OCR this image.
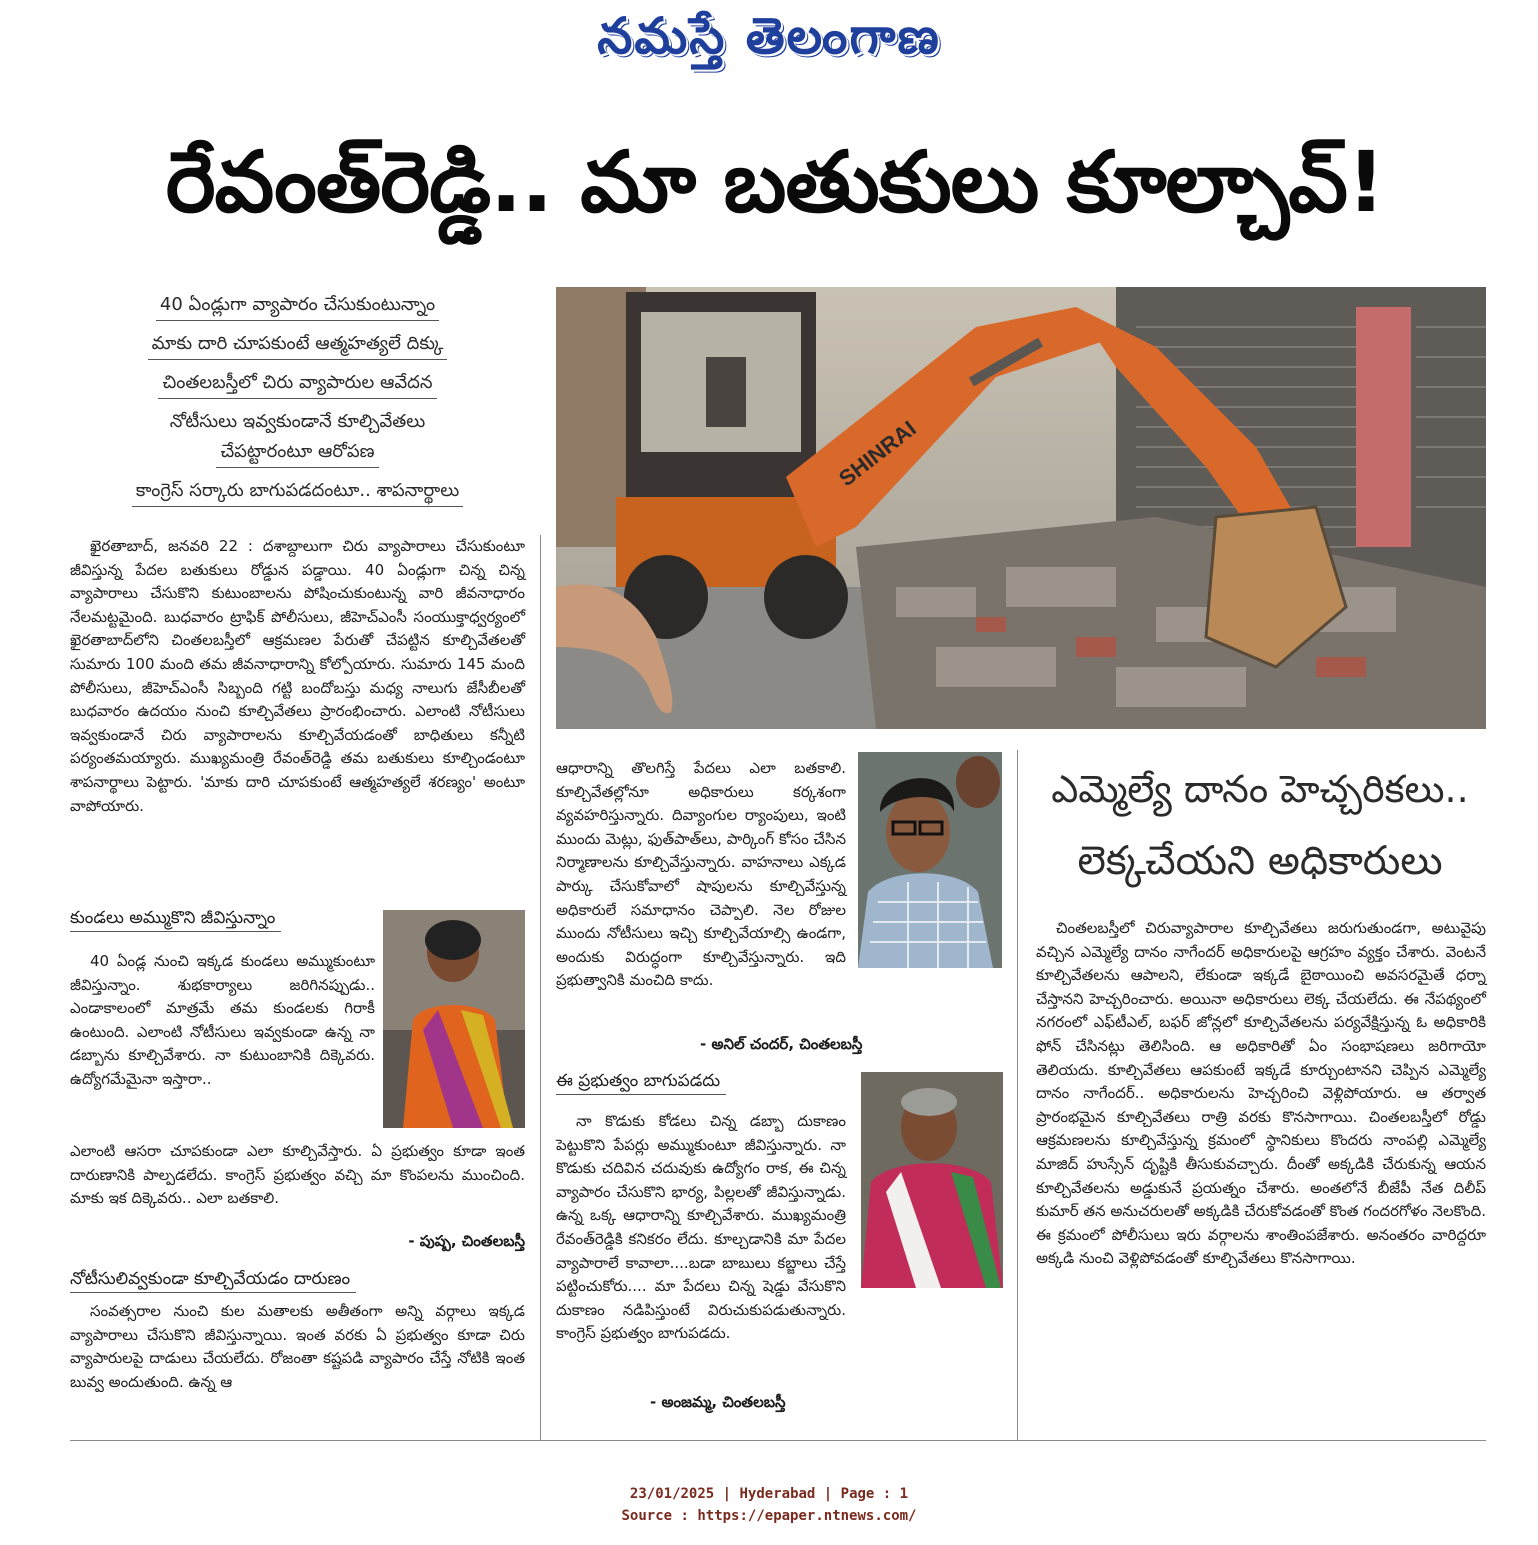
నమస్తే తెలంగాణ
రేవంత్‌రెడ్డి.. మా బతుకులు కూల్చావ్‌!
40 ఏండ్లుగా వ్యాపారం చేసుకుంటున్నాం
మాకు దారి చూపకుంటే ఆత్మహత్యలే దిక్కు
చింతలబస్తీలో చిరు వ్యాపారుల ఆవేదన
నోటీసులు ఇవ్వకుండానే కూల్చివేతలు
చేపట్టారంటూ ఆరోపణ
కాంగ్రెస్‌ సర్కారు బాగుపడదంటూ.. శాపనార్థాలు
ఖైరతాబాద్‌, జనవరి 22 : దశాబ్దాలుగా చిరు వ్యాపారాలు చేసుకుంటూ జీవిస్తున్న పేదల బతుకులు రోడ్డున పడ్డాయి. 40 ఏండ్లుగా చిన్న చిన్న వ్యాపారాలు చేసుకొని కుటుంబాలను పోషించుకుంటున్న వారి జీవనాధారం నేలమట్టమైంది. బుధవారం ట్రాఫిక్‌ పోలీసులు, జీహెచ్‌ఎంసీ సంయుక్తాధ్వర్యంలో ఖైరతాబాద్‌లోని చింతలబస్తీలో ఆక్రమణల పేరుతో చేపట్టిన కూల్చివేతలతో సుమారు 100 మంది తమ జీవనాధారాన్ని కోల్పోయారు. సుమారు 145 మంది పోలీసులు, జీహెచ్‌ఎంసీ సిబ్బంది గట్టి బందోబస్తు మధ్య నాలుగు జేసీబీలతో బుధవారం ఉదయం నుంచి కూల్చివేతలు ప్రారంభించారు. ఎలాంటి నోటీసులు ఇవ్వకుండానే చిరు వ్యాపారాలను కూల్చివేయడంతో బాధితులు కన్నీటి పర్యంతమయ్యారు. ముఖ్యమంత్రి రేవంత్‌రెడ్డి తమ బతుకులు కూల్చిండంటూ శాపనార్థాలు పెట్టారు. 'మాకు దారి చూపకుంటే ఆత్మహత్యలే శరణ్యం' అంటూ వాపోయారు.
SHINRAI
కుండలు అమ్ముకొని జీవిస్తున్నాం
40 ఏండ్ల నుంచి ఇక్కడ కుండలు అమ్ముకుంటూ జీవిస్తున్నాం. శుభకార్యాలు జరిగినప్పుడు.. ఎండాకాలంలో మాత్రమే తమ కుండలకు గిరాకీ ఉంటుంది. ఎలాంటి నోటీసులు ఇవ్వకుండా ఉన్న నా డబ్బాను కూల్చివేశారు. నా కుటుంబానికి దిక్కెవరు. ఉద్యోగమేమైనా ఇస్తారా..
ఎలాంటి ఆసరా చూపకుండా ఎలా కూల్చివేస్తారు. ఏ ప్రభుత్వం కూడా ఇంత దారుణానికి పాల్పడలేదు. కాంగ్రెస్‌ ప్రభుత్వం వచ్చి మా కొంపలను ముంచింది. మాకు ఇక దిక్కెవరు.. ఎలా బతకాలి.
- పుష్ప, చింతలబస్తీ
నోటీసులివ్వకుండా కూల్చివేయడం దారుణం
సంవత్సరాల నుంచి కుల మతాలకు అతీతంగా అన్ని వర్గాలు ఇక్కడ వ్యాపారాలు చేసుకొని జీవిస్తున్నాయి. ఇంత వరకు ఏ ప్రభుత్వం కూడా చిరు వ్యాపారులపై దాడులు చేయలేదు. రోజంతా కష్టపడి వ్యాపారం చేస్తే నోటికి ఇంత బువ్వ అందుతుంది. ఉన్న ఆ
ఆధారాన్ని తొలగిస్తే పేదలు ఎలా బతకాలి. కూల్చివేతల్లోనూ అధికారులు కర్కశంగా వ్యవహరిస్తున్నారు. దివ్యాంగుల ర్యాంపులు, ఇంటి ముందు మెట్లు, ఫుత్‌పాత్‌లు, పార్కింగ్‌ కోసం చేసిన నిర్మాణాలను కూల్చివేస్తున్నారు. వాహనాలు ఎక్కడ పార్కు చేసుకోవాలో షాపులను కూల్చివేస్తున్న అధికారులే సమాధానం చెప్పాలి. నెల రోజుల ముందు నోటీసులు ఇచ్చి కూల్చివేయాల్సి ఉండగా, అందుకు విరుద్ధంగా కూల్చివేస్తున్నారు. ఇది ప్రభుత్వానికి మంచిది కాదు.
- అనిల్‌ చందర్‌, చింతలబస్తీ
ఈ ప్రభుత్వం బాగుపడదు
నా కొడుకు కోడలు చిన్న డబ్బా దుకాణం పెట్టుకొని పేపర్లు అమ్ముకుంటూ జీవిస్తున్నారు. నా కొడుకు చదివిన చదువుకు ఉద్యోగం రాక, ఈ చిన్న వ్యాపారం చేసుకొని భార్య, పిల్లలతో జీవిస్తున్నాడు. ఉన్న ఒక్క ఆధారాన్ని కూల్చివేశారు. ముఖ్యమంత్రి రేవంత్‌రెడ్డికి కనికరం లేదు. కూల్చడానికి మా పేదల వ్యాపారాలే కావాలా....బడా బాబులు కబ్జాలు చేస్తే పట్టించుకోరు.... మా పేదలు చిన్న షెడ్డు వేసుకొని దుకాణం నడిపిస్తుంటే విరుచుకుపడుతున్నారు. కాంగ్రెస్‌ ప్రభుత్వం బాగుపడదు.
- అంజమ్మ, చింతలబస్తీ
ఎమ్మెల్యే దానం హెచ్చరికలు..
లెక్కచేయని అధికారులు
చింతలబస్తీలో చిరువ్యాపారాల కూల్చివేతలు జరుగుతుండగా, అటువైపు వచ్చిన ఎమ్మెల్యే దానం నాగేందర్‌ అధికారులపై ఆగ్రహం వ్యక్తం చేశారు. వెంటనే కూల్చివేతలను ఆపాలని, లేకుండా ఇక్కడే బైఠాయించి అవసరమైతే ధర్నా చేస్తానని హెచ్చరించారు. అయినా అధికారులు లెక్క చేయలేదు. ఈ నేపథ్యంలో నగరంలో ఎఫ్‌టీఎల్‌, బఫర్‌ జోన్లలో కూల్చివేతలను పర్యవేక్షిస్తున్న ఓ అధికారికి ఫోన్‌ చేసినట్లు తెలిసింది. ఆ అధికారితో ఏం సంభాషణలు జరిగాయో తెలియదు. కూల్చివేతలు ఆపకుంటే ఇక్కడే కూర్చుంటానని చెప్పిన ఎమ్మెల్యే దానం నాగేందర్‌.. అధికారులను హెచ్చరించి వెళ్లిపోయారు. ఆ తర్వాత ప్రారంభమైన కూల్చివేతలు రాత్రి వరకు కొనసాగాయి. చింతలబస్తీలో రోడ్డు ఆక్రమణలను కూల్చివేస్తున్న క్రమంలో స్థానికులు కొందరు నాంపల్లి ఎమ్మెల్యే మాజిద్‌ హుస్సేన్‌ దృష్టికి తీసుకువచ్చారు. దీంతో అక్కడికి చేరుకున్న ఆయన కూల్చివేతలను అడ్డుకునే ప్రయత్నం చేశారు. అంతలోనే బీజేపీ నేత దిలీప్‌ కుమార్‌ తన అనుచరులతో అక్కడికి చేరుకోవడంతో కొంత గందరగోళం నెలకొంది. ఈ క్రమంలో పోలీసులు ఇరు వర్గాలను శాంతింపజేశారు. అనంతరం వారిద్దరూ అక్కడి నుంచి వెళ్లిపోవడంతో కూల్చివేతలు కొనసాగాయి.
23/01/2025 | Hyderabad | Page : 1
Source : https://epaper.ntnews.com/
